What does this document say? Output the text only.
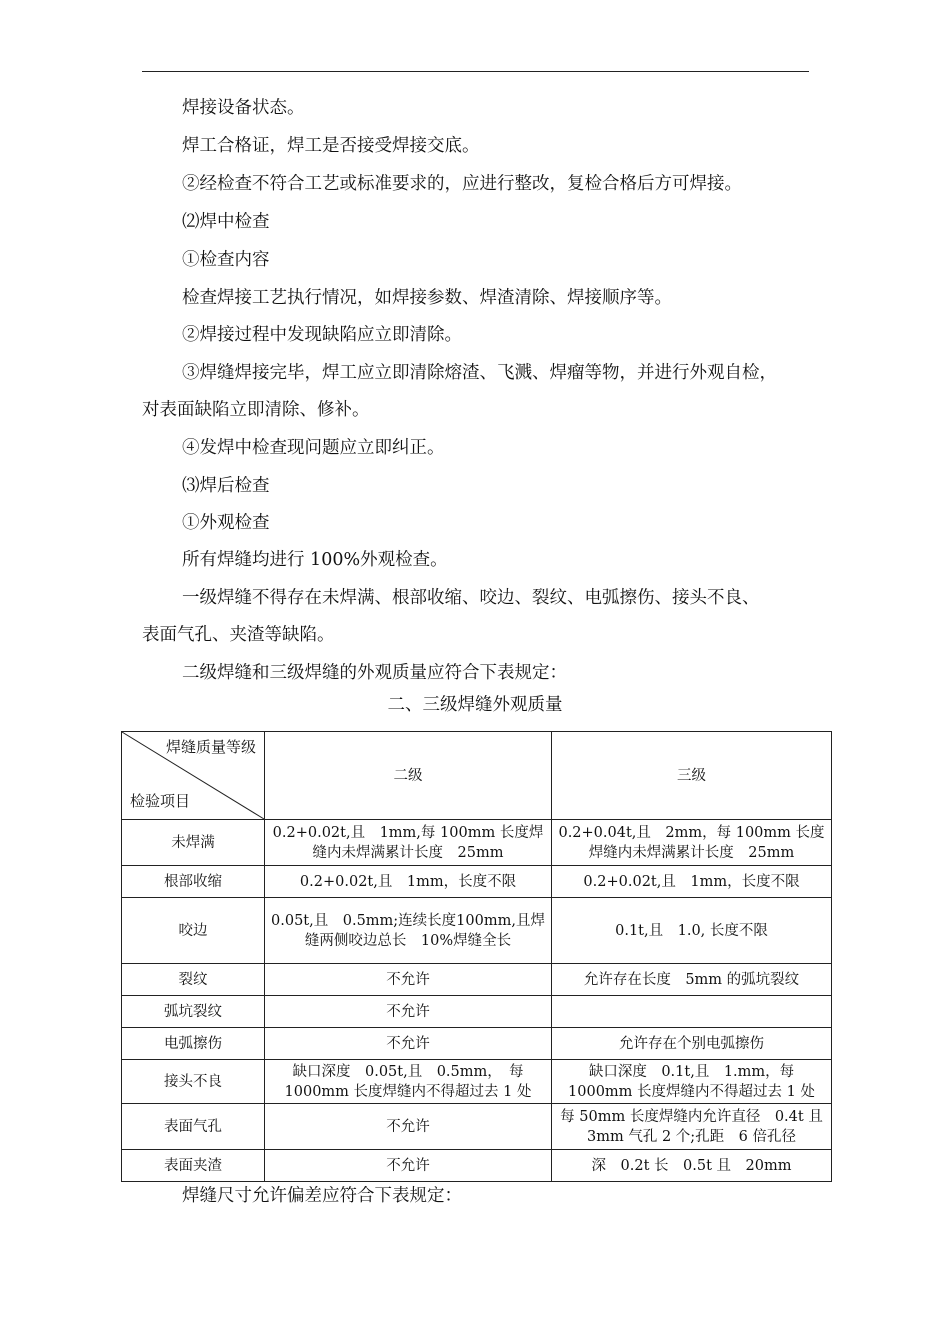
焊接设备状态。
焊工合格证，焊工是否接受焊接交底。
②经检查不符合工艺或标准要求的，应进行整改，复检合格后方可焊接。
⑵焊中检查
①检查内容
检查焊接工艺执行情况，如焊接参数、焊渣清除、焊接顺序等。
②焊接过程中发现缺陷应立即清除。
③焊缝焊接完毕，焊工应立即清除熔渣、飞溅、焊瘤等物，并进行外观自检，
对表面缺陷立即清除、修补。
④发焊中检查现问题应立即纠正。
⑶焊后检查
①外观检查
所有焊缝均进行 100%外观检查。
一级焊缝不得存在未焊满、根部收缩、咬边、裂纹、电弧擦伤、接头不良、
表面气孔、夹渣等缺陷。
二级焊缝和三级焊缝的外观质量应符合下表规定：
二、三级焊缝外观质量
焊缝质量等级
检验项目	二级	三级
未焊满	0.2+0.02t,且　1mm,每 100mm 长度焊缝内未焊满累计长度　25mm	0.2+0.04t,且　2mm，每 100mm 长度焊缝内未焊满累计长度　25mm
根部收缩	0.2+0.02t,且　1mm，长度不限	0.2+0.02t,且　1mm，长度不限
咬边	0.05t,且　0.5mm;连续长度100mm,且焊缝两侧咬边总长　10%焊缝全长	0.1t,且　1.0, 长度不限
裂纹	不允许	允许存在长度　5mm 的弧坑裂纹
弧坑裂纹	不允许	
电弧擦伤	不允许	允许存在个别电弧擦伤
接头不良	缺口深度　0.05t,且　0.5mm，　每 1000mm 长度焊缝内不得超过去 1 处	缺口深度　0.1t,且　1.mm，每 1000mm 长度焊缝内不得超过去 1 处
表面气孔	不允许	每 50mm 长度焊缝内允许直径　0.4t 且　3mm 气孔 2 个;孔距　6 倍孔径
表面夹渣	不允许	深　0.2t 长　0.5t 且　20mm
焊缝尺寸允许偏差应符合下表规定：
